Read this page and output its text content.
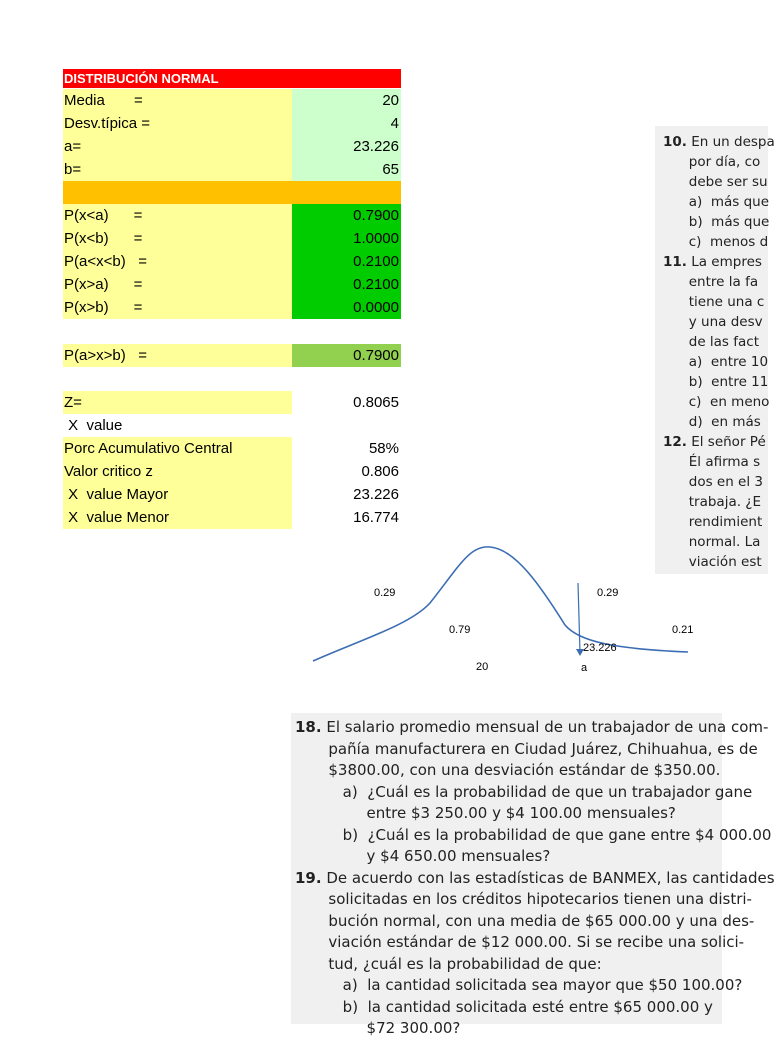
DISTRIBUCIÓN NORMAL
Media       =	20
Desv.típica =	4
a=	23.226
b=	65
P(x<a)      =	0.7900
P(x<b)      =	1.0000
P(a<x<b)   =	0.2100
P(x>a)      =	0.2100
P(x>b)      =	0.0000
P(a>x>b)   =	0.7900
Z=	0.8065
X  value
Porc Acumulativo Central	58%
Valor critico z	0.806
X  value Mayor	23.226
X  value Menor	16.774

10. En un despa

por día, co

debe ser su

a)  más que

b)  más que

c)  menos d

11. La empres

entre la fa

tiene una c

y una desv

de las fact

a)  entre 10

b)  entre 11

c)  en meno

d)  en más

12. El señor Pé

Él afirma s

dos en el 3

trabaja. ¿E

rendimient

normal. La

viación est

0.29	0.29
0.79	0.21
23.226
20	a

18. El salario promedio mensual de un trabajador de una com-

pañía manufacturera en Ciudad Juárez, Chihuahua, es de

$3800.00, con una desviación estándar de $350.00.

a)  ¿Cuál es la probabilidad de que un trabajador gane

entre $3 250.00 y $4 100.00 mensuales?

b)  ¿Cuál es la probabilidad de que gane entre $4 000.00

y $4 650.00 mensuales?

19. De acuerdo con las estadísticas de BANMEX, las cantidades

solicitadas en los créditos hipotecarios tienen una distri-

bución normal, con una media de $65 000.00 y una des-

viación estándar de $12 000.00. Si se recibe una solici-

tud, ¿cuál es la probabilidad de que:

a)  la cantidad solicitada sea mayor que $50 100.00?

b)  la cantidad solicitada esté entre $65 000.00 y

$72 300.00?
